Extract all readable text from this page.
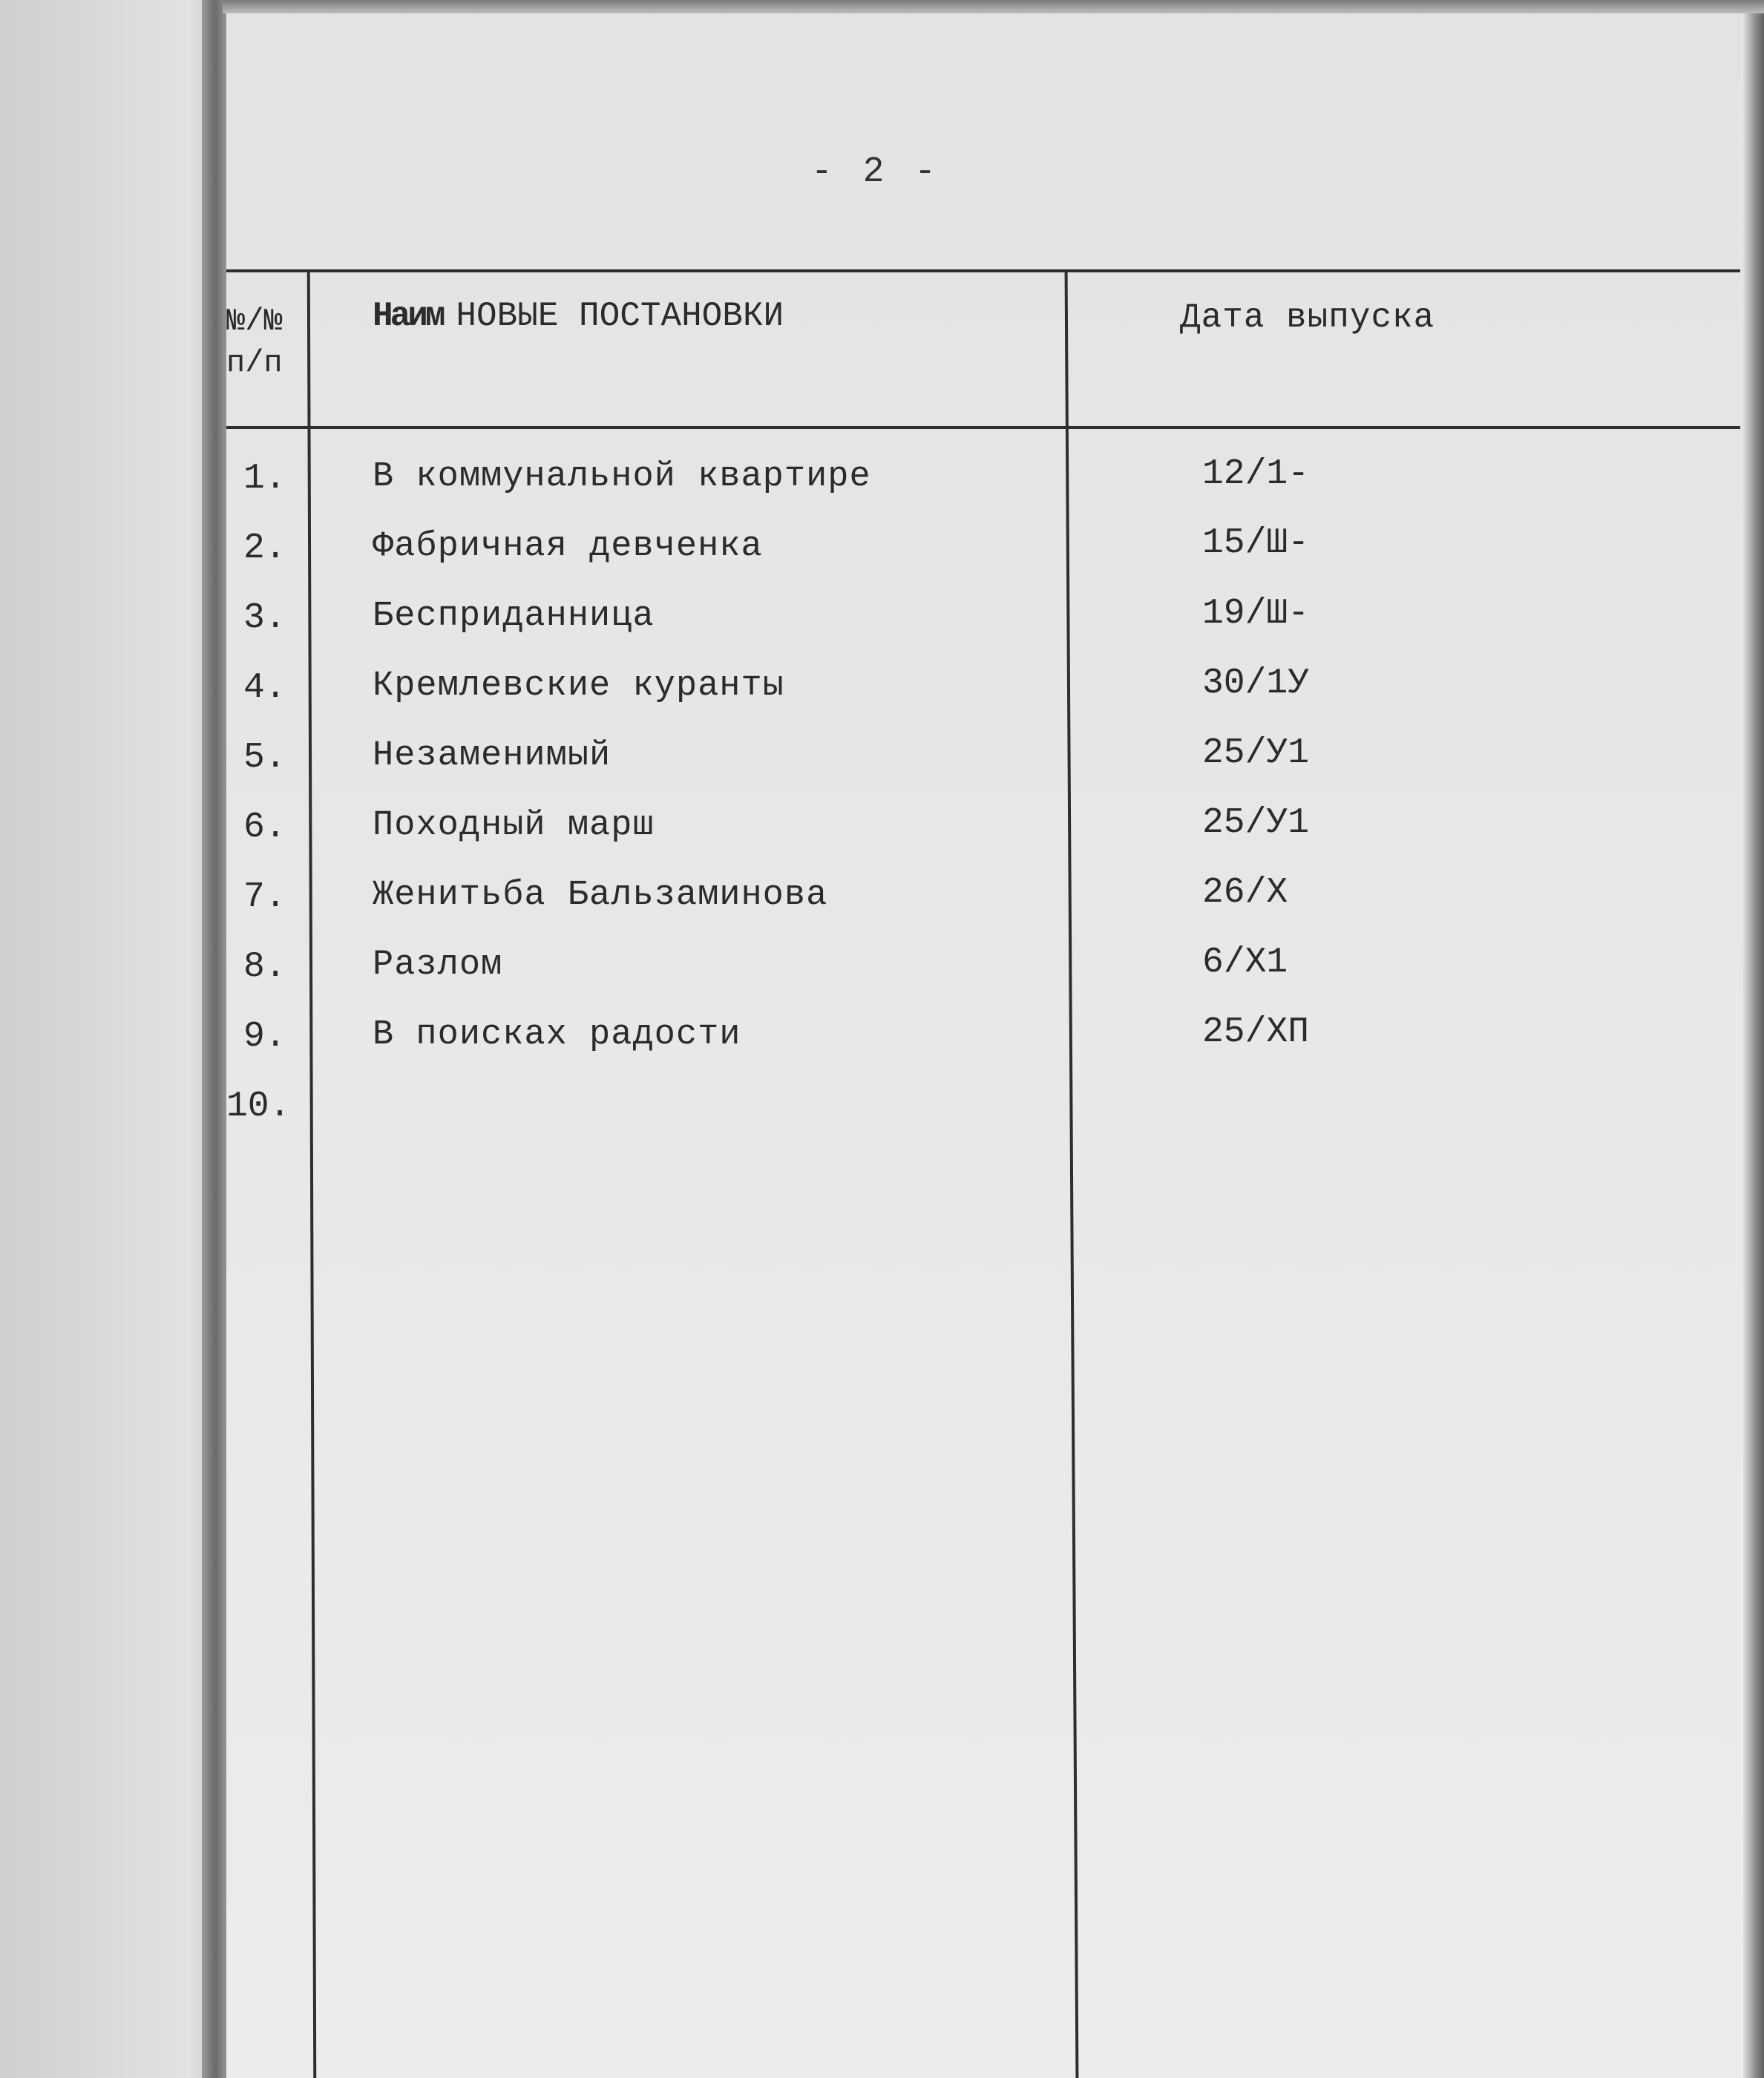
- 2 -
№/№
п/п
Наим НОВЫЕ ПОСТАНОВКИ	Дата выпуска
1.	В коммунальной квартире	12/1-
2.	Фабричная девченка	15/Ш-
3.	Бесприданница	19/Ш-
4.	Кремлевские куранты	30/1У
5.	Незаменимый	25/У1
6.	Походный марш	25/У1
7.	Женитьба Бальзаминова	26/Х
8.	Разлом	6/Х1
9.	В поисках радости	25/ХП
10.
